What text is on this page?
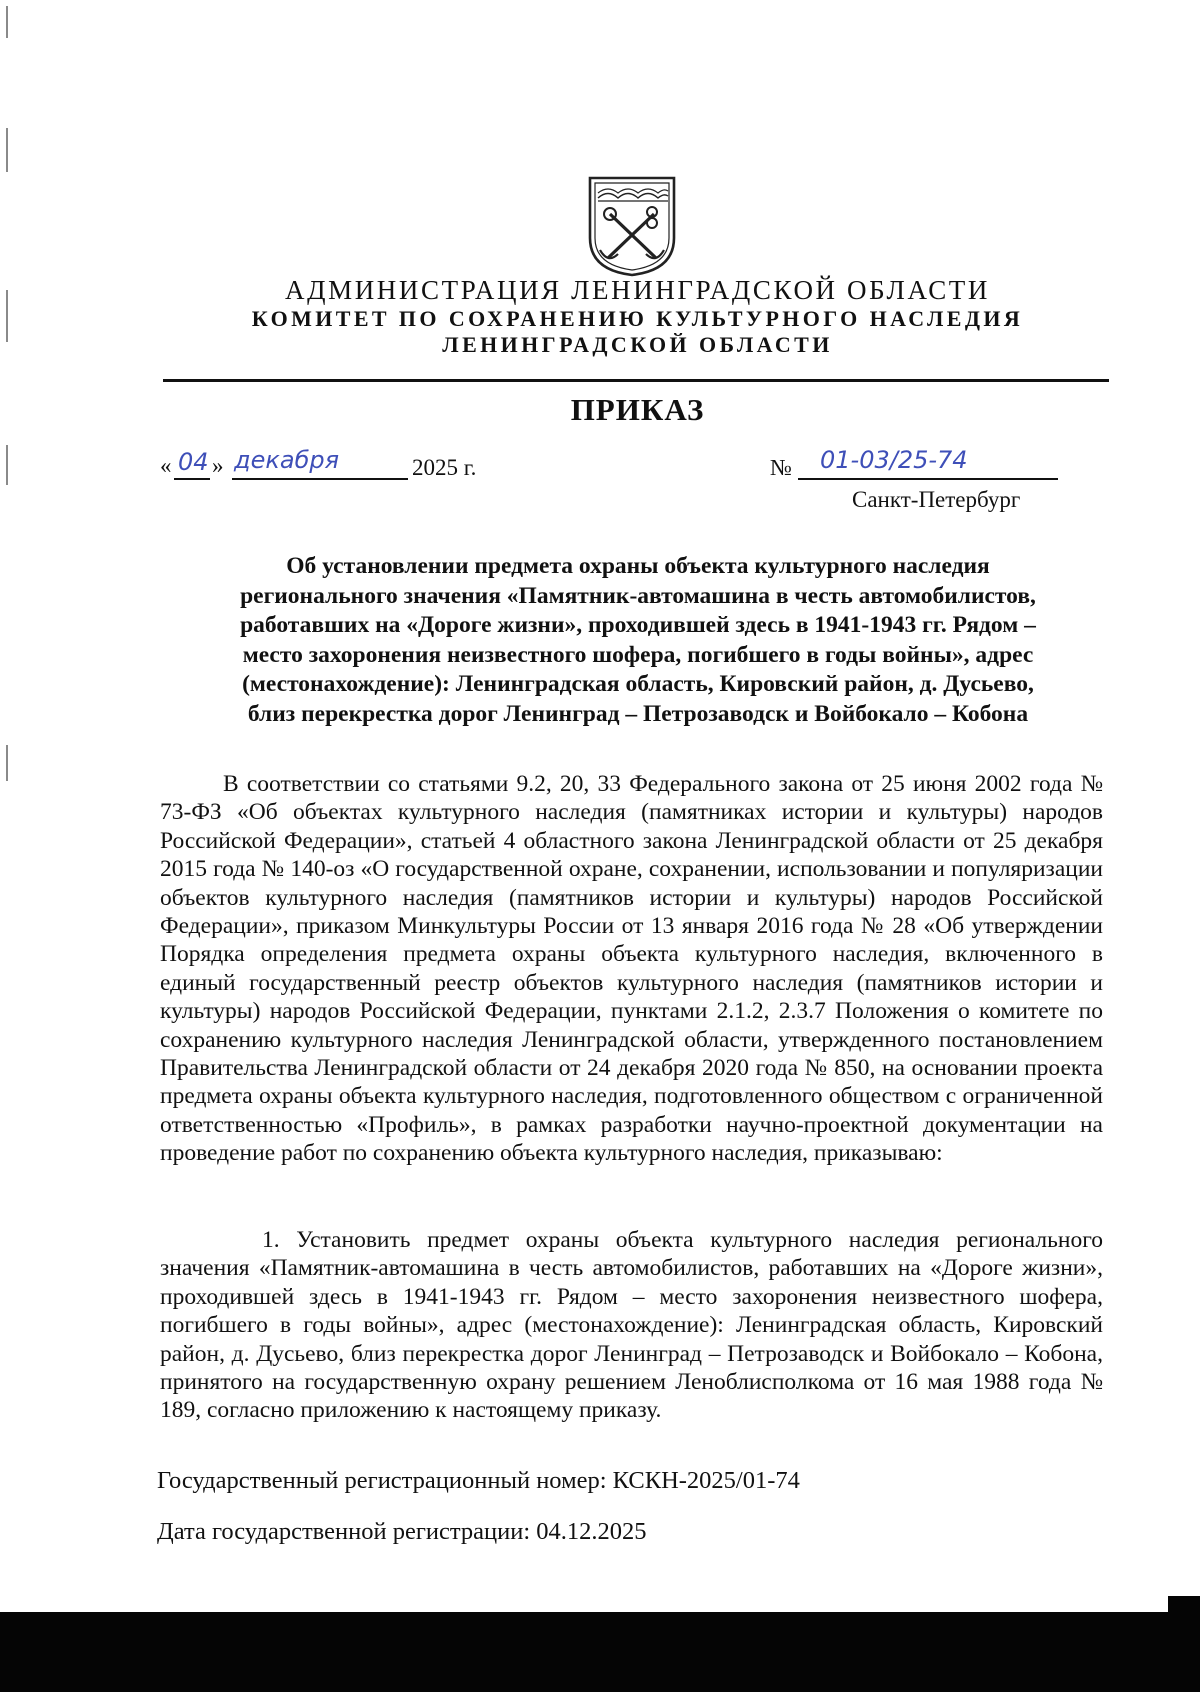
АДМИНИСТРАЦИЯ ЛЕНИНГРАДСКОЙ ОБЛАСТИ
КОМИТЕТ ПО СОХРАНЕНИЮ КУЛЬТУРНОГО НАСЛЕДИЯ
ЛЕНИНГРАДСКОЙ ОБЛАСТИ
ПРИКАЗ
« 04 » декабря	2025 г.	№ 01-03/25-74
Санкт-Петербург
Об установлении предмета охраны объекта культурного наследия
регионального значения «Памятник-автомашина в честь автомобилистов,
работавших на «Дороге жизни», проходившей здесь в 1941-1943 гг. Рядом –
место захоронения неизвестного шофера, погибшего в годы войны», адрес
(местонахождение): Ленинградская область, Кировский район, д. Дусьево,
близ перекрестка дорог Ленинград – Петрозаводск и Войбокало – Кобона
В соответствии со статьями 9.2, 20, 33 Федерального закона от 25 июня 2002 года № 73-ФЗ «Об объектах культурного наследия (памятниках истории и культуры) народов Российской Федерации», статьей 4 областного закона Ленинградской области от 25 декабря 2015 года № 140-оз «О государственной охране, сохранении, использовании и популяризации объектов культурного наследия (памятников истории и культуры) народов Российской Федерации», приказом Минкультуры России от 13 января 2016 года № 28 «Об утверждении Порядка определения предмета охраны объекта культурного наследия, включенного в единый государственный реестр объектов культурного наследия (памятников истории и культуры) народов Российской Федерации, пунктами 2.1.2, 2.3.7 Положения о комитете по сохранению культурного наследия Ленинградской области, утвержденного постановлением Правительства Ленинградской области от 24 декабря 2020 года № 850, на основании проекта предмета охраны объекта культурного наследия, подготовленного обществом с ограниченной ответственностью «Профиль», в рамках разработки научно-проектной документации на проведение работ по сохранению объекта культурного наследия, приказываю:
1. Установить предмет охраны объекта культурного наследия регионального значения «Памятник-автомашина в честь автомобилистов, работавших на «Дороге жизни», проходившей здесь в 1941-1943 гг. Рядом – место захоронения неизвестного шофера, погибшего в годы войны», адрес (местонахождение): Ленинградская область, Кировский район, д. Дусьево, близ перекрестка дорог Ленинград – Петрозаводск и Войбокало – Кобона, принятого на государственную охрану решением Леноблисполкома от 16 мая 1988 года № 189, согласно приложению к настоящему приказу.
Государственный регистрационный номер: КСКН-2025/01-74
Дата государственной регистрации: 04.12.2025
